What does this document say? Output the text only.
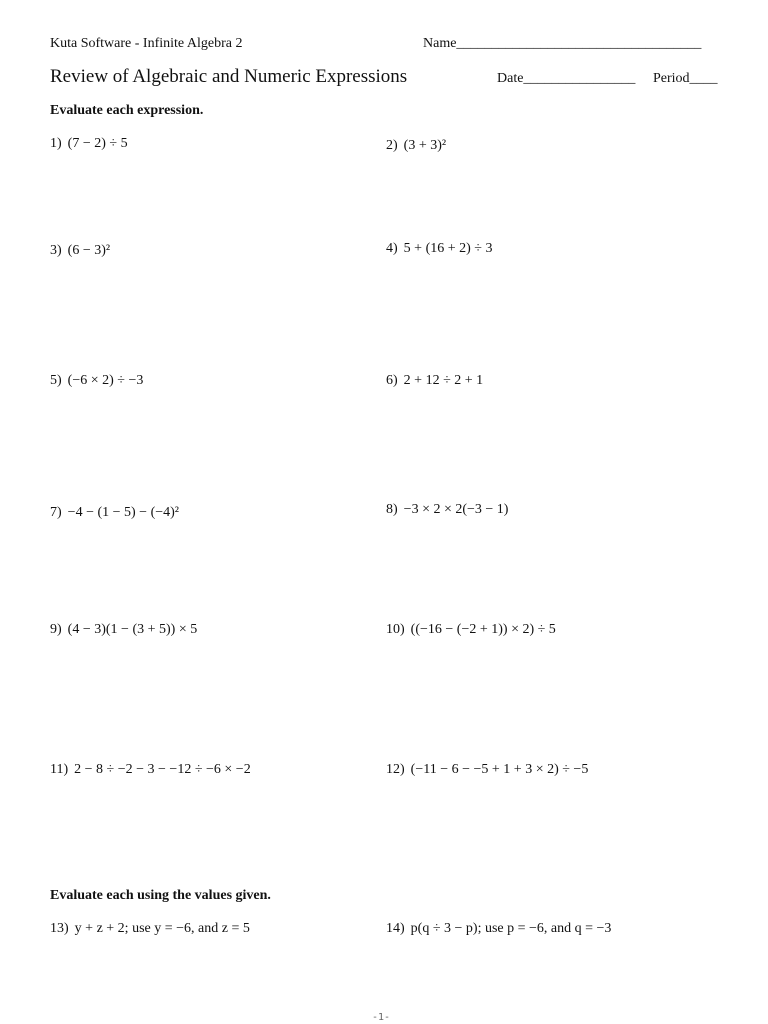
Kuta Software - Infinite Algebra 2	Name___________________________________
Review of Algebraic and Numeric Expressions	Date________________ Period____
Evaluate each expression.
1) (7 − 2) ÷ 5	2) (3 + 3)²
3) (6 − 3)²	4) 5 + (16 + 2) ÷ 3
5) (−6 × 2) ÷ −3	6) 2 + 12 ÷ 2 + 1
7) −4 − (1 − 5) − (−4)²	8) −3 × 2 × 2(−3 − 1)
9) (4 − 3)(1 − (3 + 5)) × 5	10) ((−16 − (−2 + 1)) × 2) ÷ 5
11) 2 − 8 ÷ −2 − 3 − −12 ÷ −6 × −2	12) (−11 − 6 − −5 + 1 + 3 × 2) ÷ −5
Evaluate each using the values given.
13) y + z + 2; use y = −6, and z = 5	14) p(q ÷ 3 − p); use p = −6, and q = −3
-1-
